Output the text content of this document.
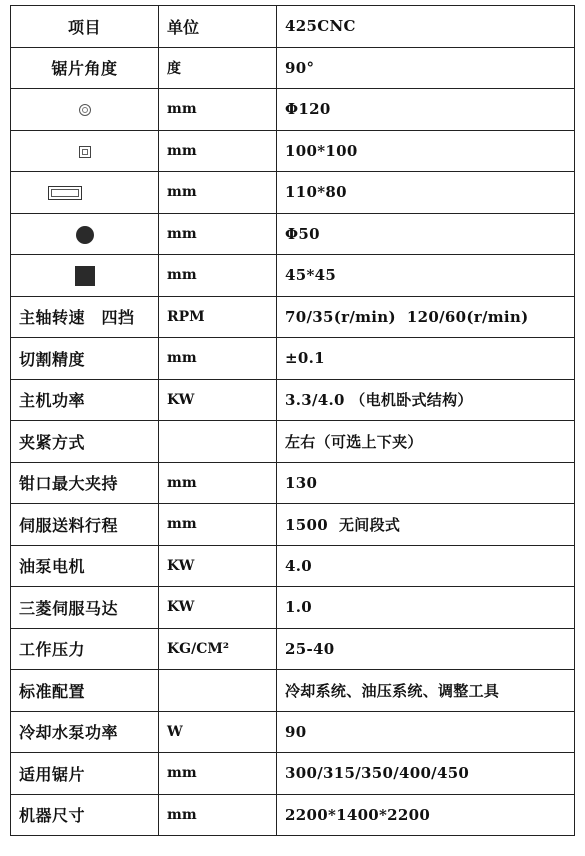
项目	单位	425CNC
锯片角度	度	90°
	mm	Φ120
	mm	100*100
	mm	110*80
	mm	Φ50
	mm	45*45
主轴转速　四挡	RPM	70/35(r/min)  120/60(r/min)
切割精度	mm	±0.1
主机功率	KW	3.3/4.0 （电机卧式结构）
夹紧方式		左右（可选上下夹）
钳口最大夹持	mm	130
伺服送料行程	mm	1500  无间段式
油泵电机	KW	4.0
三菱伺服马达	KW	1.0
工作压力	KG/CM²	25-40
标准配置		冷却系统、油压系统、调整工具
冷却水泵功率	W	90
适用锯片	mm	300/315/350/400/450
机器尺寸	mm	2200*1400*2200
